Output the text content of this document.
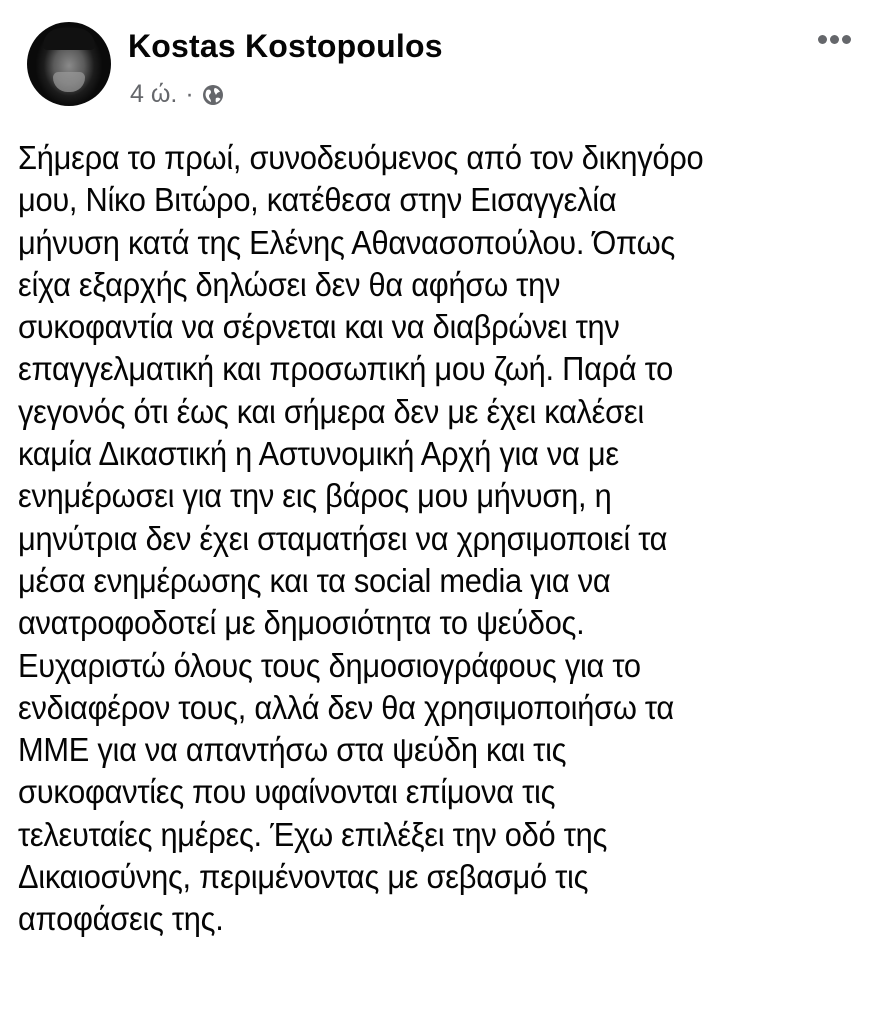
Kostas Kostopoulos
4 ώ. ·
Σήμερα το πρωί, συνοδευόμενος από τον δικηγόρο
μου, Νίκο Βιτώρο, κατέθεσα στην Εισαγγελία
μήνυση κατά της Ελένης Αθανασοπούλου. Όπως
είχα εξαρχής δηλώσει δεν θα αφήσω την
συκοφαντία να σέρνεται και να διαβρώνει την
επαγγελματική και προσωπική μου ζωή. Παρά το
γεγονός ότι έως και σήμερα δεν με έχει καλέσει
καμία Δικαστική η Αστυνομική Αρχή για να με
ενημέρωσει για την εις βάρος μου μήνυση, η
μηνύτρια δεν έχει σταματήσει να χρησιμοποιεί τα
μέσα ενημέρωσης και τα social media για να
ανατροφοδοτεί με δημοσιότητα το ψεύδος.
Ευχαριστώ όλους τους δημοσιογράφους για το
ενδιαφέρον τους, αλλά δεν θα χρησιμοποιήσω τα
ΜΜΕ για να απαντήσω στα ψεύδη και τις
συκοφαντίες που υφαίνονται επίμονα τις
τελευταίες ημέρες. Έχω επιλέξει την οδό της
Δικαιοσύνης, περιμένοντας με σεβασμό τις
αποφάσεις της.
